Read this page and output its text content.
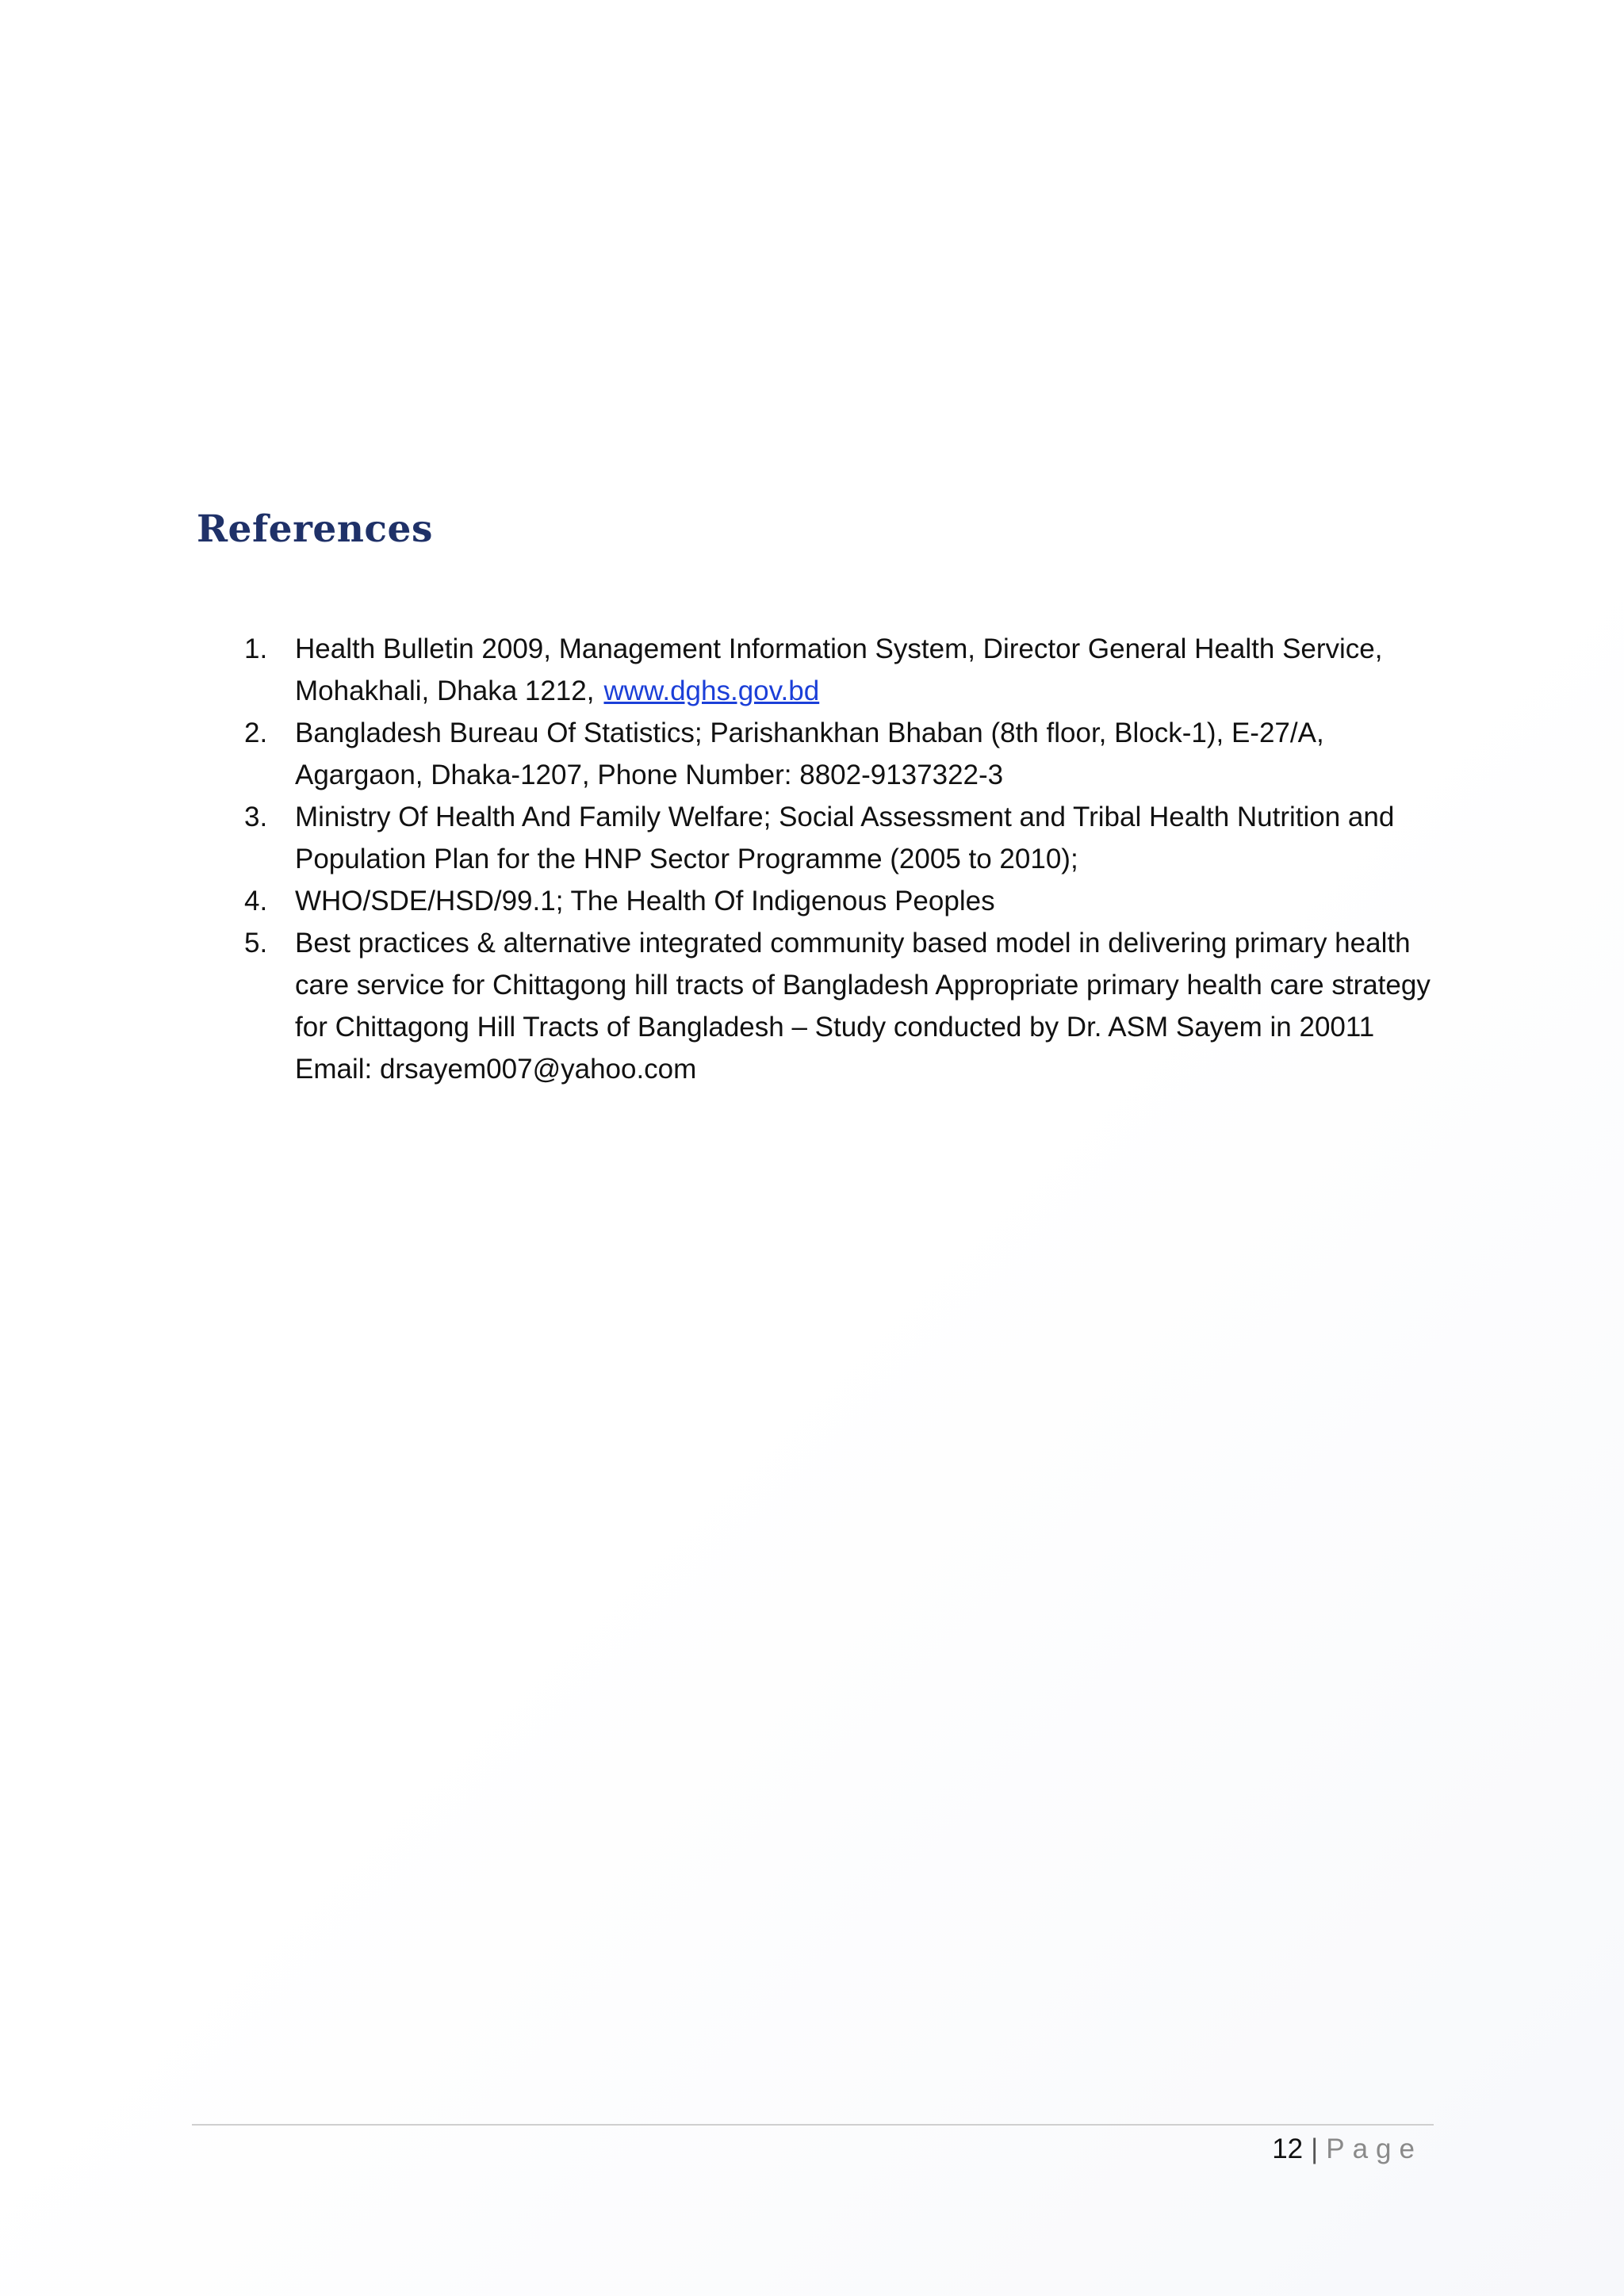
References
1. Health Bulletin 2009, Management Information System, Director General Health Service,
Mohakhali, Dhaka 1212, www.dghs.gov.bd
2. Bangladesh Bureau Of Statistics; Parishankhan Bhaban (8th floor, Block-1), E-27/A,
Agargaon, Dhaka-1207, Phone Number: 8802-9137322-3
3. Ministry Of Health And Family Welfare; Social Assessment and Tribal Health Nutrition and
Population Plan for the HNP Sector Programme (2005 to 2010);
4. WHO/SDE/HSD/99.1; The Health Of Indigenous Peoples
5. Best practices & alternative integrated community based model in delivering primary health
care service for Chittagong hill tracts of Bangladesh Appropriate primary health care strategy
for Chittagong Hill Tracts of Bangladesh – Study conducted by Dr. ASM Sayem in 20011
Email: drsayem007@yahoo.com
12 | Page
